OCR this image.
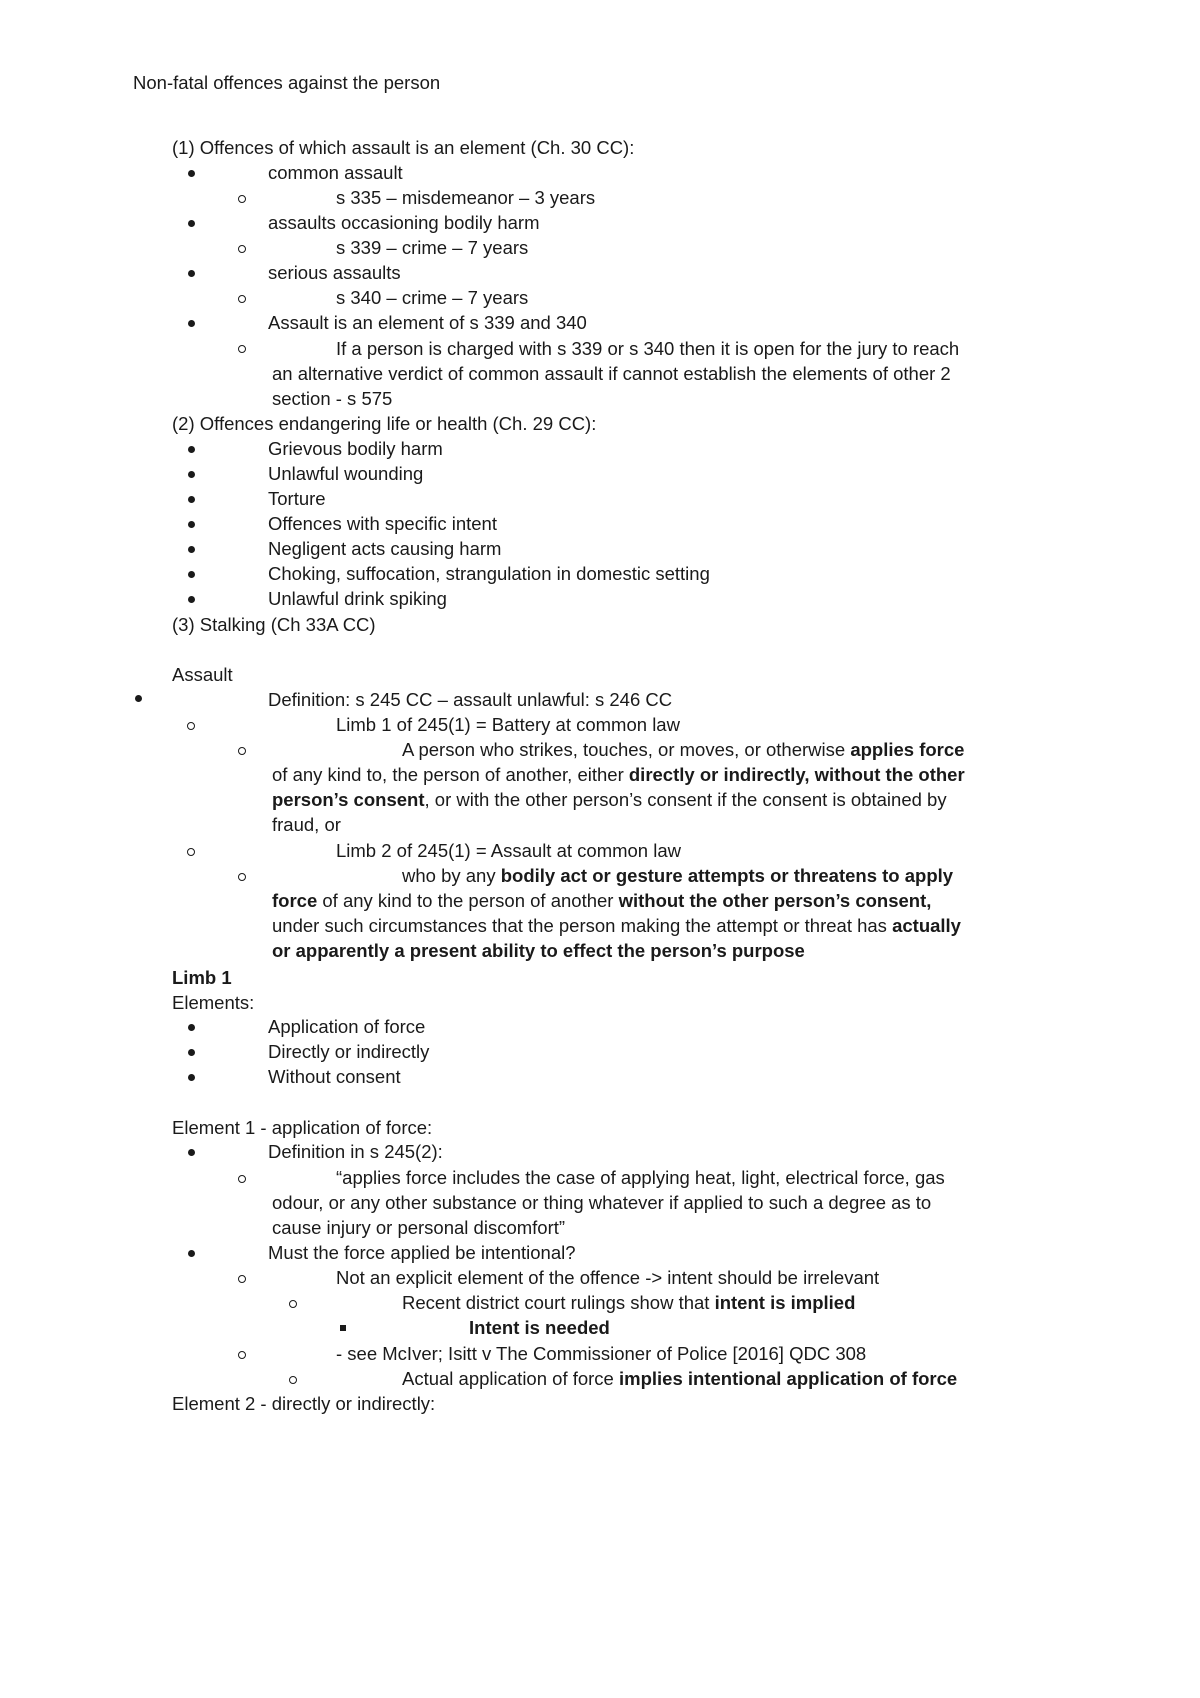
Non-fatal offences against the person
(1) Offences of which assault is an element (Ch. 30 CC):
common assault
s 335 – misdemeanor – 3 years
assaults occasioning bodily harm
s 339 – crime – 7 years
serious assaults
s 340 – crime – 7 years
Assault is an element of s 339 and 340
If a person is charged with s 339 or s 340 then it is open for the jury to reach
an alternative verdict of common assault if cannot establish the elements of other 2
section - s 575
(2) Offences endangering life or health (Ch. 29 CC):
Grievous bodily harm
Unlawful wounding
Torture
Offences with specific intent
Negligent acts causing harm
Choking, suffocation, strangulation in domestic setting
Unlawful drink spiking
(3) Stalking (Ch 33A CC)
Assault
Definition: s 245 CC – assault unlawful: s 246 CC
Limb 1 of 245(1) = Battery at common law
A person who strikes, touches, or moves, or otherwise applies force
of any kind to, the person of another, either directly or indirectly, without the other
person’s consent, or with the other person’s consent if the consent is obtained by
fraud, or
Limb 2 of 245(1) = Assault at common law
who by any bodily act or gesture attempts or threatens to apply
force of any kind to the person of another without the other person’s consent,
under such circumstances that the person making the attempt or threat has actually
or apparently a present ability to effect the person’s purpose
Limb 1
Elements:
Application of force
Directly or indirectly
Without consent
Element 1 - application of force:
Definition in s 245(2):
“applies force includes the case of applying heat, light, electrical force, gas
odour, or any other substance or thing whatever if applied to such a degree as to
cause injury or personal discomfort”
Must the force applied be intentional?
Not an explicit element of the offence -> intent should be irrelevant
Recent district court rulings show that intent is implied
Intent is needed
- see McIver; Isitt v The Commissioner of Police [2016] QDC 308
Actual application of force implies intentional application of force
Element 2 - directly or indirectly:
